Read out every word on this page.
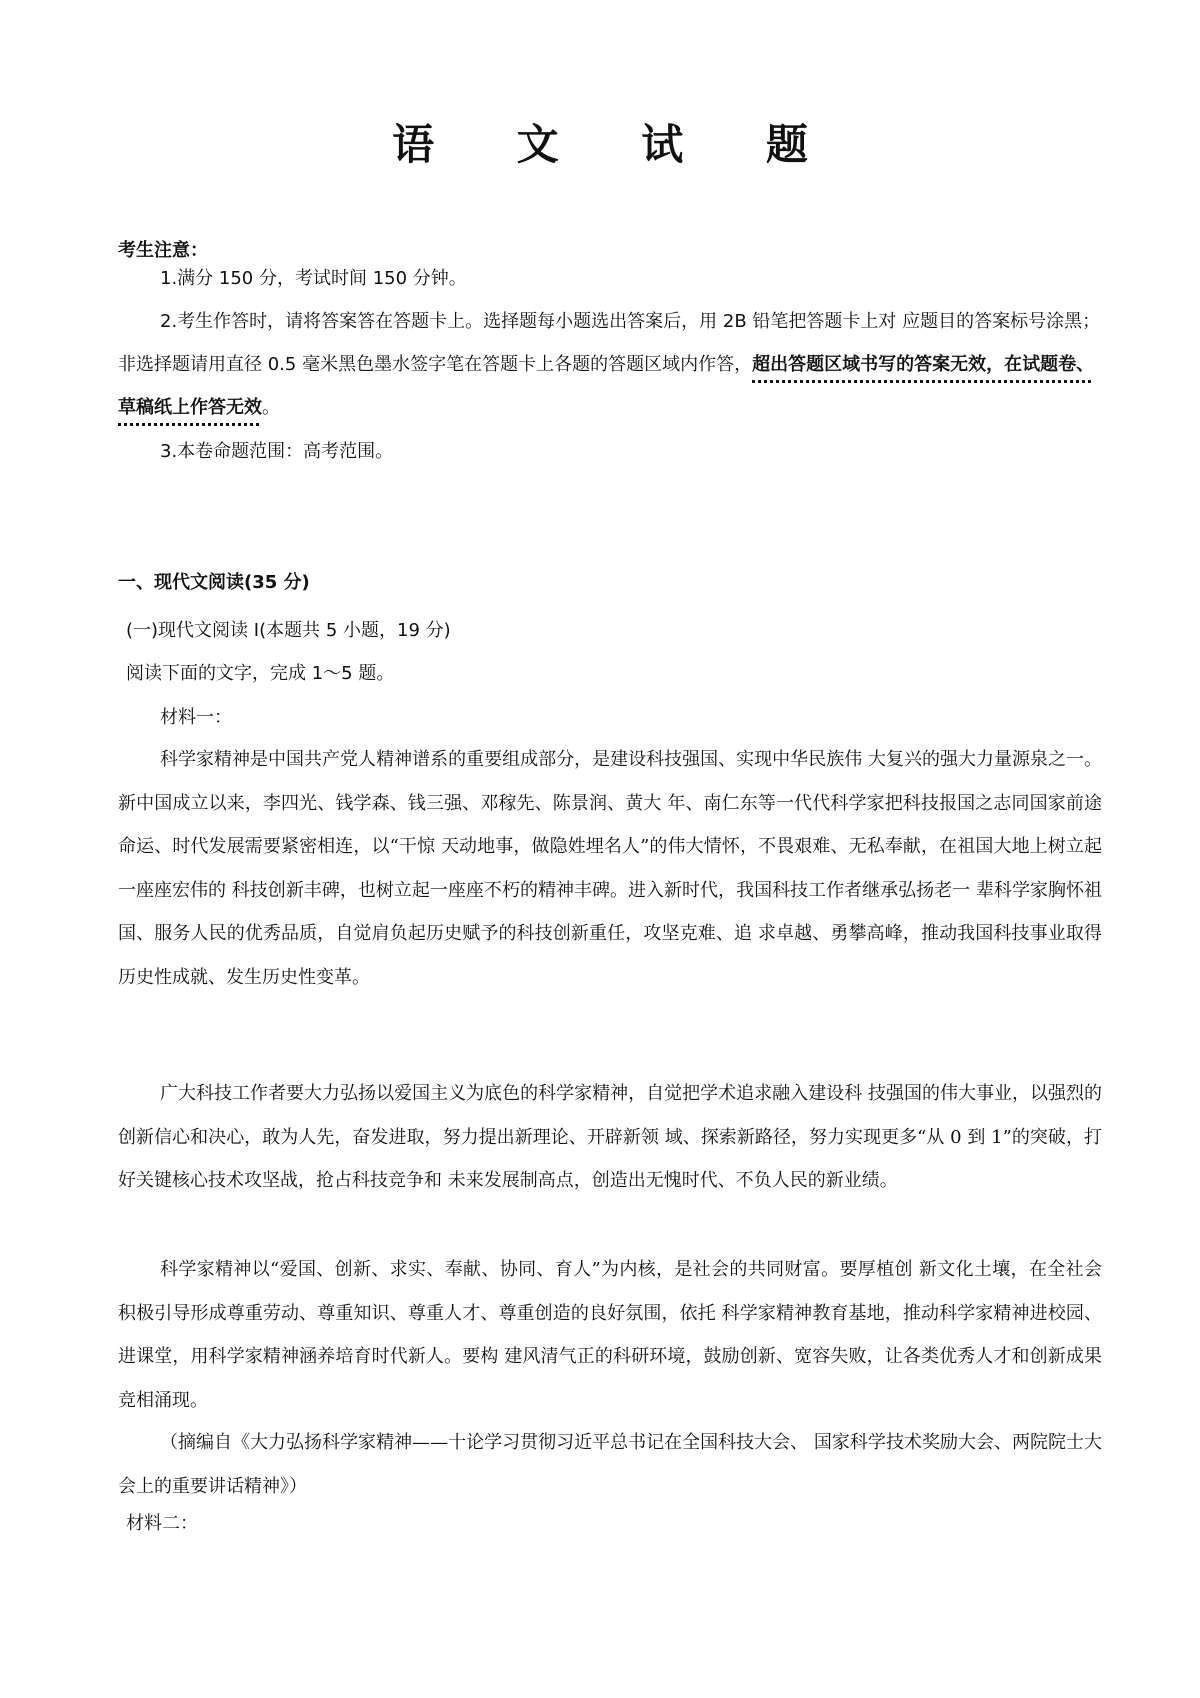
语 文 试 题
考生注意：

1.满分 150 分，考试时间 150 分钟。

2.考生作答时，请将答案答在答题卡上。选择题每小题选出答案后，用 2B 铅笔把答题卡上对 应题目的答案标号涂黑；非选择题请用直径 0.5 毫米黑色墨水签字笔在答题卡上各题的答题区域内作答，超出答题区域书写的答案无效，在试题卷、草稿纸上作答无效。

3.本卷命题范围：高考范围。

一、现代文阅读(35 分)
(一)现代文阅读 I(本题共 5 小题，19 分)
阅读下面的文字，完成 1～5 题。
材料一：

科学家精神是中国共产党人精神谱系的重要组成部分，是建设科技强国、实现中华民族伟 大复兴的强大力量源泉之一。新中国成立以来，李四光、钱学森、钱三强、邓稼先、陈景润、黄大 年、南仁东等一代代科学家把科技报国之志同国家前途命运、时代发展需要紧密相连，以“干惊 天动地事，做隐姓埋名人”的伟大情怀，不畏艰难、无私奉献，在祖国大地上树立起一座座宏伟的 科技创新丰碑，也树立起一座座不朽的精神丰碑。进入新时代，我国科技工作者继承弘扬老一 辈科学家胸怀祖国、服务人民的优秀品质，自觉肩负起历史赋予的科技创新重任，攻坚克难、追 求卓越、勇攀高峰，推动我国科技事业取得历史性成就、发生历史性变革。

广大科技工作者要大力弘扬以爱国主义为底色的科学家精神，自觉把学术追求融入建设科 技强国的伟大事业，以强烈的创新信心和决心，敢为人先，奋发进取，努力提出新理论、开辟新领 域、探索新路径，努力实现更多“从 0 到 1”的突破，打好关键核心技术攻坚战，抢占科技竞争和 未来发展制高点，创造出无愧时代、不负人民的新业绩。

科学家精神以“爱国、创新、求实、奉献、协同、育人”为内核，是社会的共同财富。要厚植创 新文化土壤，在全社会积极引导形成尊重劳动、尊重知识、尊重人才、尊重创造的良好氛围，依托 科学家精神教育基地，推动科学家精神进校园、进课堂，用科学家精神涵养培育时代新人。要构 建风清气正的科研环境，鼓励创新、宽容失败，让各类优秀人才和创新成果竞相涌现。

（摘编自《大力弘扬科学家精神——十论学习贯彻习近平总书记在全国科技大会、 国家科学技术奖励大会、两院院士大会上的重要讲话精神》）

材料二：
